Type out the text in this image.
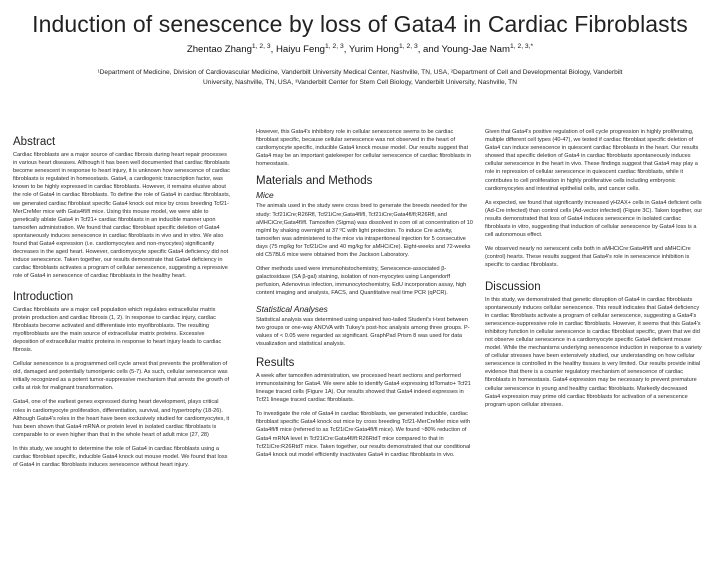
Induction of senescence by loss of Gata4 in Cardiac Fibroblasts
Zhentao Zhang$^{1, 2, 3}$, Haiyu Feng$^{1, 2, 3}$, Yurim Hong$^{1, 2, 3}$, and Young-Jae Nam$^{1, 2, 3,*}$
¹Department of Medicine, Division of Cardiovascular Medicine, Vanderbilt University Medical Center, Nashville, TN, USA, ²Department of Cell and Developmental Biology, Vanderbilt University, Nashville, TN, USA, ³Vanderbilt Center for Stem Cell Biology, Vanderbilt University, Nashville, TN
Abstract
Cardiac fibroblasts are a major source of cardiac fibrosis during heart repair processes in various heart diseases. Although it has been well documented that cardiac fibroblasts become senescent in response to heart injury, it is unknown how senescence of cardiac fibroblasts is regulated in homeostasis. Gata4, a cardiogenic transcription factor, was known to be highly expressed in cardiac fibroblasts. However, it remains elusive about the role of Gata4 in cardiac fibroblasts. To define the role of Gata4 in cardiac fibroblasts, we generated cardiac fibroblast specific Gata4 knock out mice by cross breeding Tcf21-MerCreMer mice with Gata4fl/fl mice. Using this mouse model, we were able to genetically ablate Gata4 in Tcf21+ cardiac fibroblasts in an inducible manner upon tamoxifen administration. We found that cardiac fibroblast specific deletion of Gata4 spontaneously induces senescence in cardiac fibroblasts in vivo and in vitro. We also found that Gata4 expression (i.e. cardiomyocytes and non-myocytes) significantly decreases in the aged heart. However, cardiomyocyte specific Gata4 deficiency did not induce senescence. Taken together, our results demonstrate that Gata4 deficiency in cardiac fibroblasts activates a program of cellular senescence, suggesting a repressive role of Gata4 in senescence of cardiac fibroblasts in the healthy heart.
Introduction
Cardiac fibroblasts are a major cell population which regulates extracellular matrix protein production and cardiac fibrosis (1, 2). In response to cardiac injury, cardiac fibroblasts become activated and differentiate into myofibroblasts. The resulting myofibroblasts are the main source of extracellular matrix proteins. Excessive deposition of extracellular matrix proteins in response to heart injury leads to cardiac fibrosis.
Cellular senescence is a programmed cell cycle arrest that prevents the proliferation of old, damaged and potentially tumorigenic cells (5-7). As such, cellular senescence was initially recognized as a potent tumor-suppressive mechanism that arrests the growth of cells at risk for malignant transformation.
Gata4, one of the earliest genes expressed during heart development, plays critical roles in cardiomyocyte proliferation, differentiation, survival, and hypertrophy (18-26). Although Gata4's roles in the heart have been exclusively studied for cardiomyocytes, it has been shown that Gata4 mRNA or protein level in isolated cardiac fibroblasts is comparable to or even higher than that in the whole heart of adult mice (27, 28)
In this study, we sought to determine the role of Gata4 in cardiac fibroblasts using a cardiac fibroblast specific, inducible Gata4 knock out mouse model. We found that loss of Gata4 in cardiac fibroblasts induces senescence without heart injury.
However, this Gata4's inhibitory role in cellular senescence seems to be cardiac fibroblast specific, because cellular senescence was not observed in the heart of cardiomyocyte specific, inducible Gata4 knock mouse model. Our results suggest that Gata4 may be an important gatekeeper for cellular senescence of cardiac fibroblasts in homeostasis.
Materials and Methods
Mice
The animals used in the study were cross bred to generate the breeds needed for the study: Tcf21iCre;R26Rfl, Tcf21iCre;Gata4fl/fl, Tcf21iCre;Gata4fl/fl;R26Rfl, and aMHCiCre;Gata4fl/fl. Tamoxifen (Sigma) was dissolved in corn oil at concentration of 10 mg/ml by shaking overnight at 37 ºC with light protection. To induce Cre activity, tamoxifen was administered to the mice via intraperitoneal injection for 5 consecutive days (75 mg/kg for Tcf21iCre and 40 mg/kg for aMHCiCre). Eight-weeks and 72-weeks old C57BL6 mice were obtained from the Jackson Laboratory.
Other methods used were immunohistochemistry, Senescence-associated β-galactosidase (SA β-gal) staining, isolation of non-myocytes using Langendorff perfusion, Adenovirus infection, immunocytochemistry, EdU incorporation assay, high content imaging and analysis, FACS, and Quantitative real time PCR (qPCR).
Statistical Analyses
Statistical analysis was determined using unpaired two-tailed Student's t-test between two groups or one-way ANOVA with Tukey's post-hoc analysis among three groups. P-values of < 0.05 were regarded as significant. GraphPad Prism 8 was used for data visualization and statistical analysis.
Results
A week after tamoxifen administration, we processed heart sections and performed immunostaining for Gata4. We were able to identify Gata4 expressing tdTomato+ Tcf21 lineage traced cells (Figure 1A). Our results showed that Gata4 indeed expresses in Tcf21 lineage traced cardiac fibroblasts.
To investigate the role of Gata4 in cardiac fibroblasts, we generated inducible, cardiac fibroblast specific Gata4 knock out mice by cross breeding Tcf21-MerCreMer mice with Gata4fl/fl mice (referred to as Tcf21iCre:Gata4fl/fl mice). We found ~80% reduction of Gata4 mRNA level in Tcf21iCre:Gata4fl/fl:R26RtdT mice compared to that in Tcf21iCre:R26RtdT mice. Taken together, our results demonstrated that our conditional Gata4 knock out model efficiently inactivates Gata4 in cardiac fibroblasts in vivo.
Given that Gata4's positive regulation of cell cycle progression in highly proliferating, multiple different cell types (40-47), we tested if cardiac fibroblast specific deletion of Gata4 can induce senescence in quiescent cardiac fibroblasts in the heart. Our results showed that specific deletion of Gata4 in cardiac fibroblasts spontaneously induces cellular senescence in the heart in vivo. These findings suggest that Gata4 may play a role in repression of cellular senescence in quiescent cardiac fibroblasts, while it contributes to cell proliferation in highly proliferative cells including embryonic cardiomyocytes and intestinal epithelial cells, and cancer cells.
As expected, we found that significantly increased γH2AX+ cells in Gata4 deficient cells (Ad-Cre infected) than control cells (Ad-vector infected) (Figure 3C). Taken together, our results demonstrated that loss of Gata4 induces senescence in isolated cardiac fibroblasts in vitro, suggesting that induction of cellular senescence by Gata4 loss is a cell autonomous effect.
We observed nearly no senescent cells both in aMHCiCre:Gata4fl/fl and aMHCiCre (control) hearts. These results suggest that Gata4's role in senescence inhibition is specific to cardiac fibroblasts.
Discussion
In this study, we demonstrated that genetic disruption of Gata4 in cardiac fibroblasts spontaneously induces cellular senescence. This result indicates that Gata4 deficiency in cardiac fibroblasts activate a program of cellular senescence, suggesting a Gata4's senescence-suppressive role in cardiac fibroblasts. However, it seems that this Gata4's inhibitory function in cellular senescence is cardiac fibroblast specific, given that we did not observe cellular senescence in a cardiomyocyte specific Gata4 deficient mouse model. While the mechanisms underlying senescence induction in response to a variety of cellular stresses have been extensively studied, our understanding on how cellular senescence is controlled in the healthy tissues is very limited. Our results provide initial evidence that there is a counter regulatory mechanism of senescence of cardiac fibroblasts in homeostasis. Gata4 expression may be necessary to prevent premature cellular senescence in young and healthy cardiac fibroblasts. Markedly decreased Gata4 expression may prime old cardiac fibroblasts for activation of a senescence program upon cellular stresses.
